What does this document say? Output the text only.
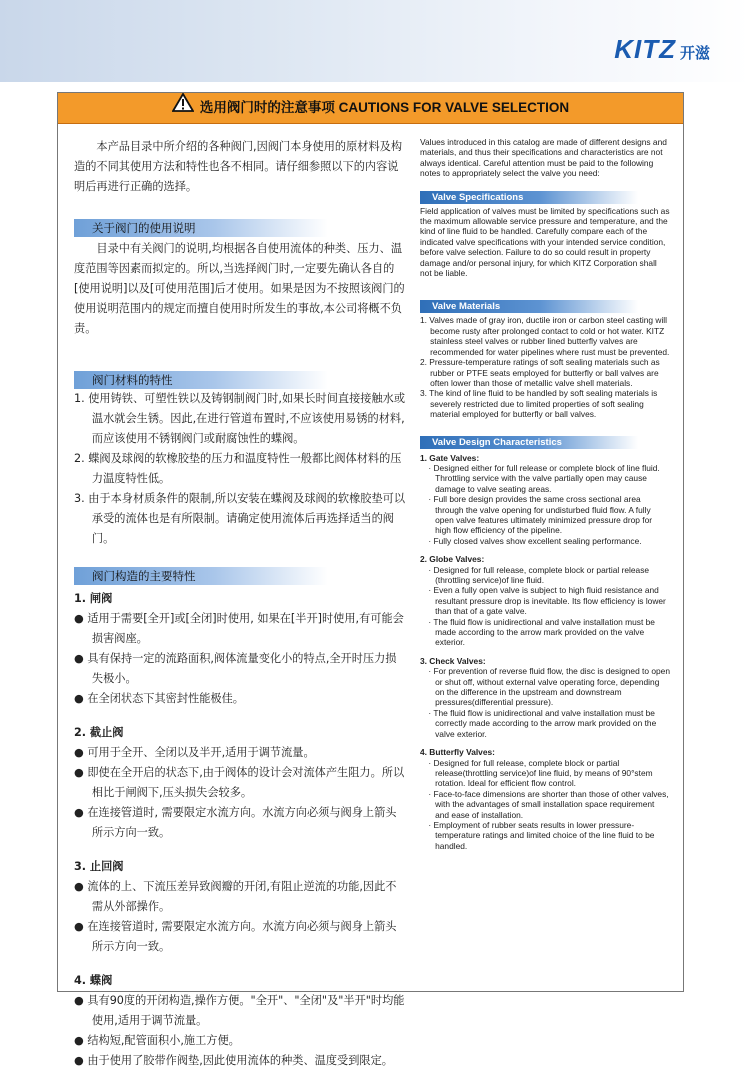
KITZ 开滋
选用阀门时的注意事项 CAUTIONS FOR VALVE SELECTION

本产品目录中所介绍的各种阀门,因阀门本身使用的原材料及构造的不同其使用方法和特性也各不相同。请仔细参照以下的内容说明后再进行正确的选择。

关于阀门的使用说明

目录中有关阀门的说明,均根据各自使用流体的种类、压力、温度范围等因素而拟定的。所以,当选择阀门时,一定要先确认各自的[使用说明]以及[可使用范围]后才使用。如果是因为不按照该阀门的使用说明范围内的规定而擅自使用时所发生的事故,本公司将概不负责。

阀门材料的特性

1. 使用铸铁、可塑性铁以及铸钢制阀门时,如果长时间直接接触水或温水就会生锈。因此,在进行管道布置时,不应该使用易锈的材料,而应该使用不锈钢阀门或耐腐蚀性的蝶阀。

2. 蝶阀及球阀的软橡胶垫的压力和温度特性一般都比阀体材料的压力温度特性低。

3. 由于本身材质条件的限制,所以安装在蝶阀及球阀的软橡胶垫可以承受的流体也是有所限制。请确定使用流体后再选择适当的阀门。

阀门构造的主要特性

1. 闸阀

● 适用于需要[全开]或[全闭]时使用, 如果在[半开]时使用,有可能会损害阀座。

● 具有保持一定的流路面积,阀体流量变化小的特点,全开时压力损失极小。

● 在全闭状态下其密封性能极佳。

2. 截止阀

● 可用于全开、全闭以及半开,适用于调节流量。

● 即使在全开启的状态下,由于阀体的设计会对流体产生阻力。所以相比于闸阀下,压头损失会较多。

● 在连接管道时, 需要限定水流方向。水流方向必须与阀身上箭头所示方向一致。

3. 止回阀

● 流体的上、下流压差异致阀瓣的开闭,有阻止逆流的功能,因此不需从外部操作。

● 在连接管道时, 需要限定水流方向。水流方向必须与阀身上箭头所示方向一致。

4. 蝶阀

● 具有90度的开闭构造,操作方便。"全开"、"全闭"及"半开"时均能使用,适用于调节流量。

● 结构短,配管面积小,施工方便。

● 由于使用了胶带作阀垫,因此使用流体的种类、温度受到限定。

Values introduced in this catalog are made of different designs and materials, and thus their specifications and characteristics are not always identical. Careful attention must be paid to the following notes to appropriately select the valve you need:

Valve Specifications

Field application of valves must be limited by specifications such as the maximum allowable service pressure and temperature, and the kind of line fluid to be handled. Carefully compare each of the indicated valve specifications with your intended service condition, before valve selection. Failure to do so could result in property damage and/or personal injury, for which KITZ Corporation shall not be liable.

Valve Materials

1. Valves made of gray iron, ductile iron or carbon steel casting will become rusty after prolonged contact to cold or hot water. KITZ stainless steel valves or rubber lined butterfly valves are recommended for water pipelines where rust must be prevented.

2. Pressure-temperature ratings of soft sealing materials such as rubber or PTFE seats employed for butterfly or ball valves are often lower than those of metallic valve shell materials.

3. The kind of line fluid to be handled by soft sealing materials is severely restricted due to limited properties of soft sealing material employed for butterfly or ball valves.

Valve Design Characteristics

1. Gate Valves:

· Designed either for full release or complete block of line fluid. Throttling service with the valve partially open may cause damage to valve seating areas.

· Full bore design provides the same cross sectional area through the valve opening for undisturbed fluid flow. A fully open valve features ultimately minimized pressure drop for high flow efficiency of the pipeline.

· Fully closed valves show excellent sealing performance.

2. Globe Valves:

· Designed for full release, complete block or partial release (throttling service)of line fluid.

· Even a fully open valve is subject to high fluid resistance and resultant pressure drop is inevitable. Its flow efficiency is lower than that of a gate valve.

· The fluid flow is unidirectional and valve installation must be made according to the arrow mark provided on the valve exterior.

3. Check Valves:

· For prevention of reverse fluid flow, the disc is designed to open or shut off, without external valve operating force, depending on the difference in the upstream and downstream pressures(differential pressure).

· The fluid flow is unidirectional and valve installation must be correctly made according to the arrow mark provided on the valve exterior.

4. Butterfly Valves:

· Designed for full release, complete block or partial release(throttling service)of line fluid, by means of 90°stem rotation. Ideal for efficient flow control.

· Face-to-face dimensions are shorter than those of other valves, with the advantages of small installation space requirement and ease of installation.

· Employment of rubber seats results in lower pressure-temperature ratings and limited choice of the line fluid to be handled.
